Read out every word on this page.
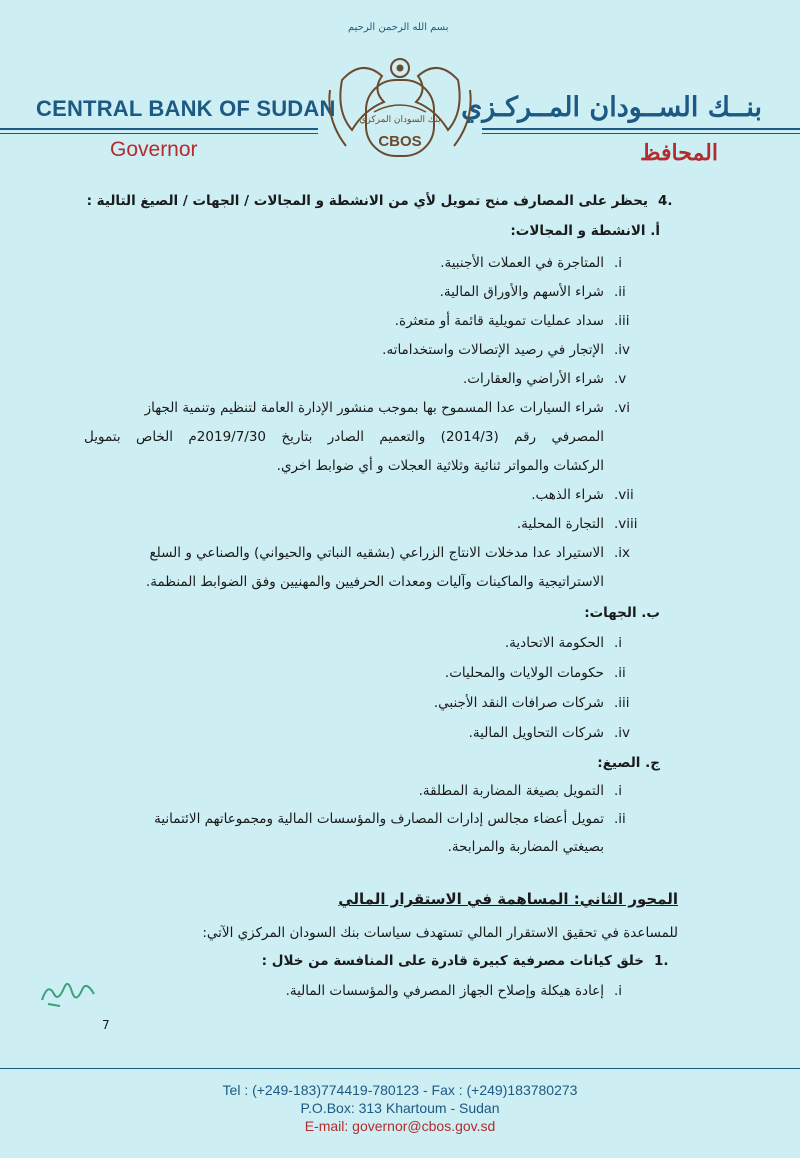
بسم الله الرحمن الرحيم
CENTRAL BANK OF SUDAN	بنــك الســودان المــركـزي
Governor	المحافظ
بنك السودان المركزي
CBOS
4.يحظر على المصارف منح تمويل لأي من الانشطة و المجالات / الجهات / الصيغ التالية :
أ. الانشطة و المجالات:
.iالمتاجرة في العملات الأجنبية.
.iiشراء الأسهم والأوراق المالية.
.iiiسداد عمليات تمويلية قائمة أو متعثرة.
.ivالإتجار في رصيد الإتصالات واستخداماته.
.vشراء الأراضي والعقارات.
.viشراء السيارات عدا المسموح بها بموجب منشور الإدارة العامة لتنظيم وتنمية الجهاز
المصرفي رقم (2014/3) والتعميم الصادر بتاريخ 2019/7/30م الخاص بتمويل
الركشات والمواتر ثنائية وثلاثية العجلات و أي ضوابط اخري.
.viiشراء الذهب.
.viiiالتجارة المحلية.
.ixالاستيراد عدا مدخلات الانتاج الزراعي (بشقيه النباتي والحيواني) والصناعي و السلع
الاستراتيجية والماكينات وآليات ومعدات الحرفيين والمهنيين وفق الضوابط المنظمة.
ب. الجهات:
.iالحكومة الاتحادية.
.iiحكومات الولايات والمحليات.
.iiiشركات صرافات النقد الأجنبي.
.ivشركات التحاويل المالية.
ج. الصيغ:
.iالتمويل بصيغة المضاربة المطلقة.
.iiتمويل أعضاء مجالس إدارات المصارف والمؤسسات المالية ومجموعاتهم الائتمانية
بصيغتي المضاربة والمرابحة.
المحور الثاني: المساهمة في الاستقرار المالي
للمساعدة في تحقيق الاستقرار المالي تستهدف سياسات بنك السودان المركزي الآتي:
1.خلق كيانات مصرفية كبيرة قادرة على المنافسة من خلال :
.iإعادة هيكلة وإصلاح الجهاز المصرفي والمؤسسات المالية.
7
Tel : (+249-183)774419-780123 - Fax : (+249)183780273
P.O.Box: 313 Khartoum - Sudan
E-mail: governor@cbos.gov.sd
